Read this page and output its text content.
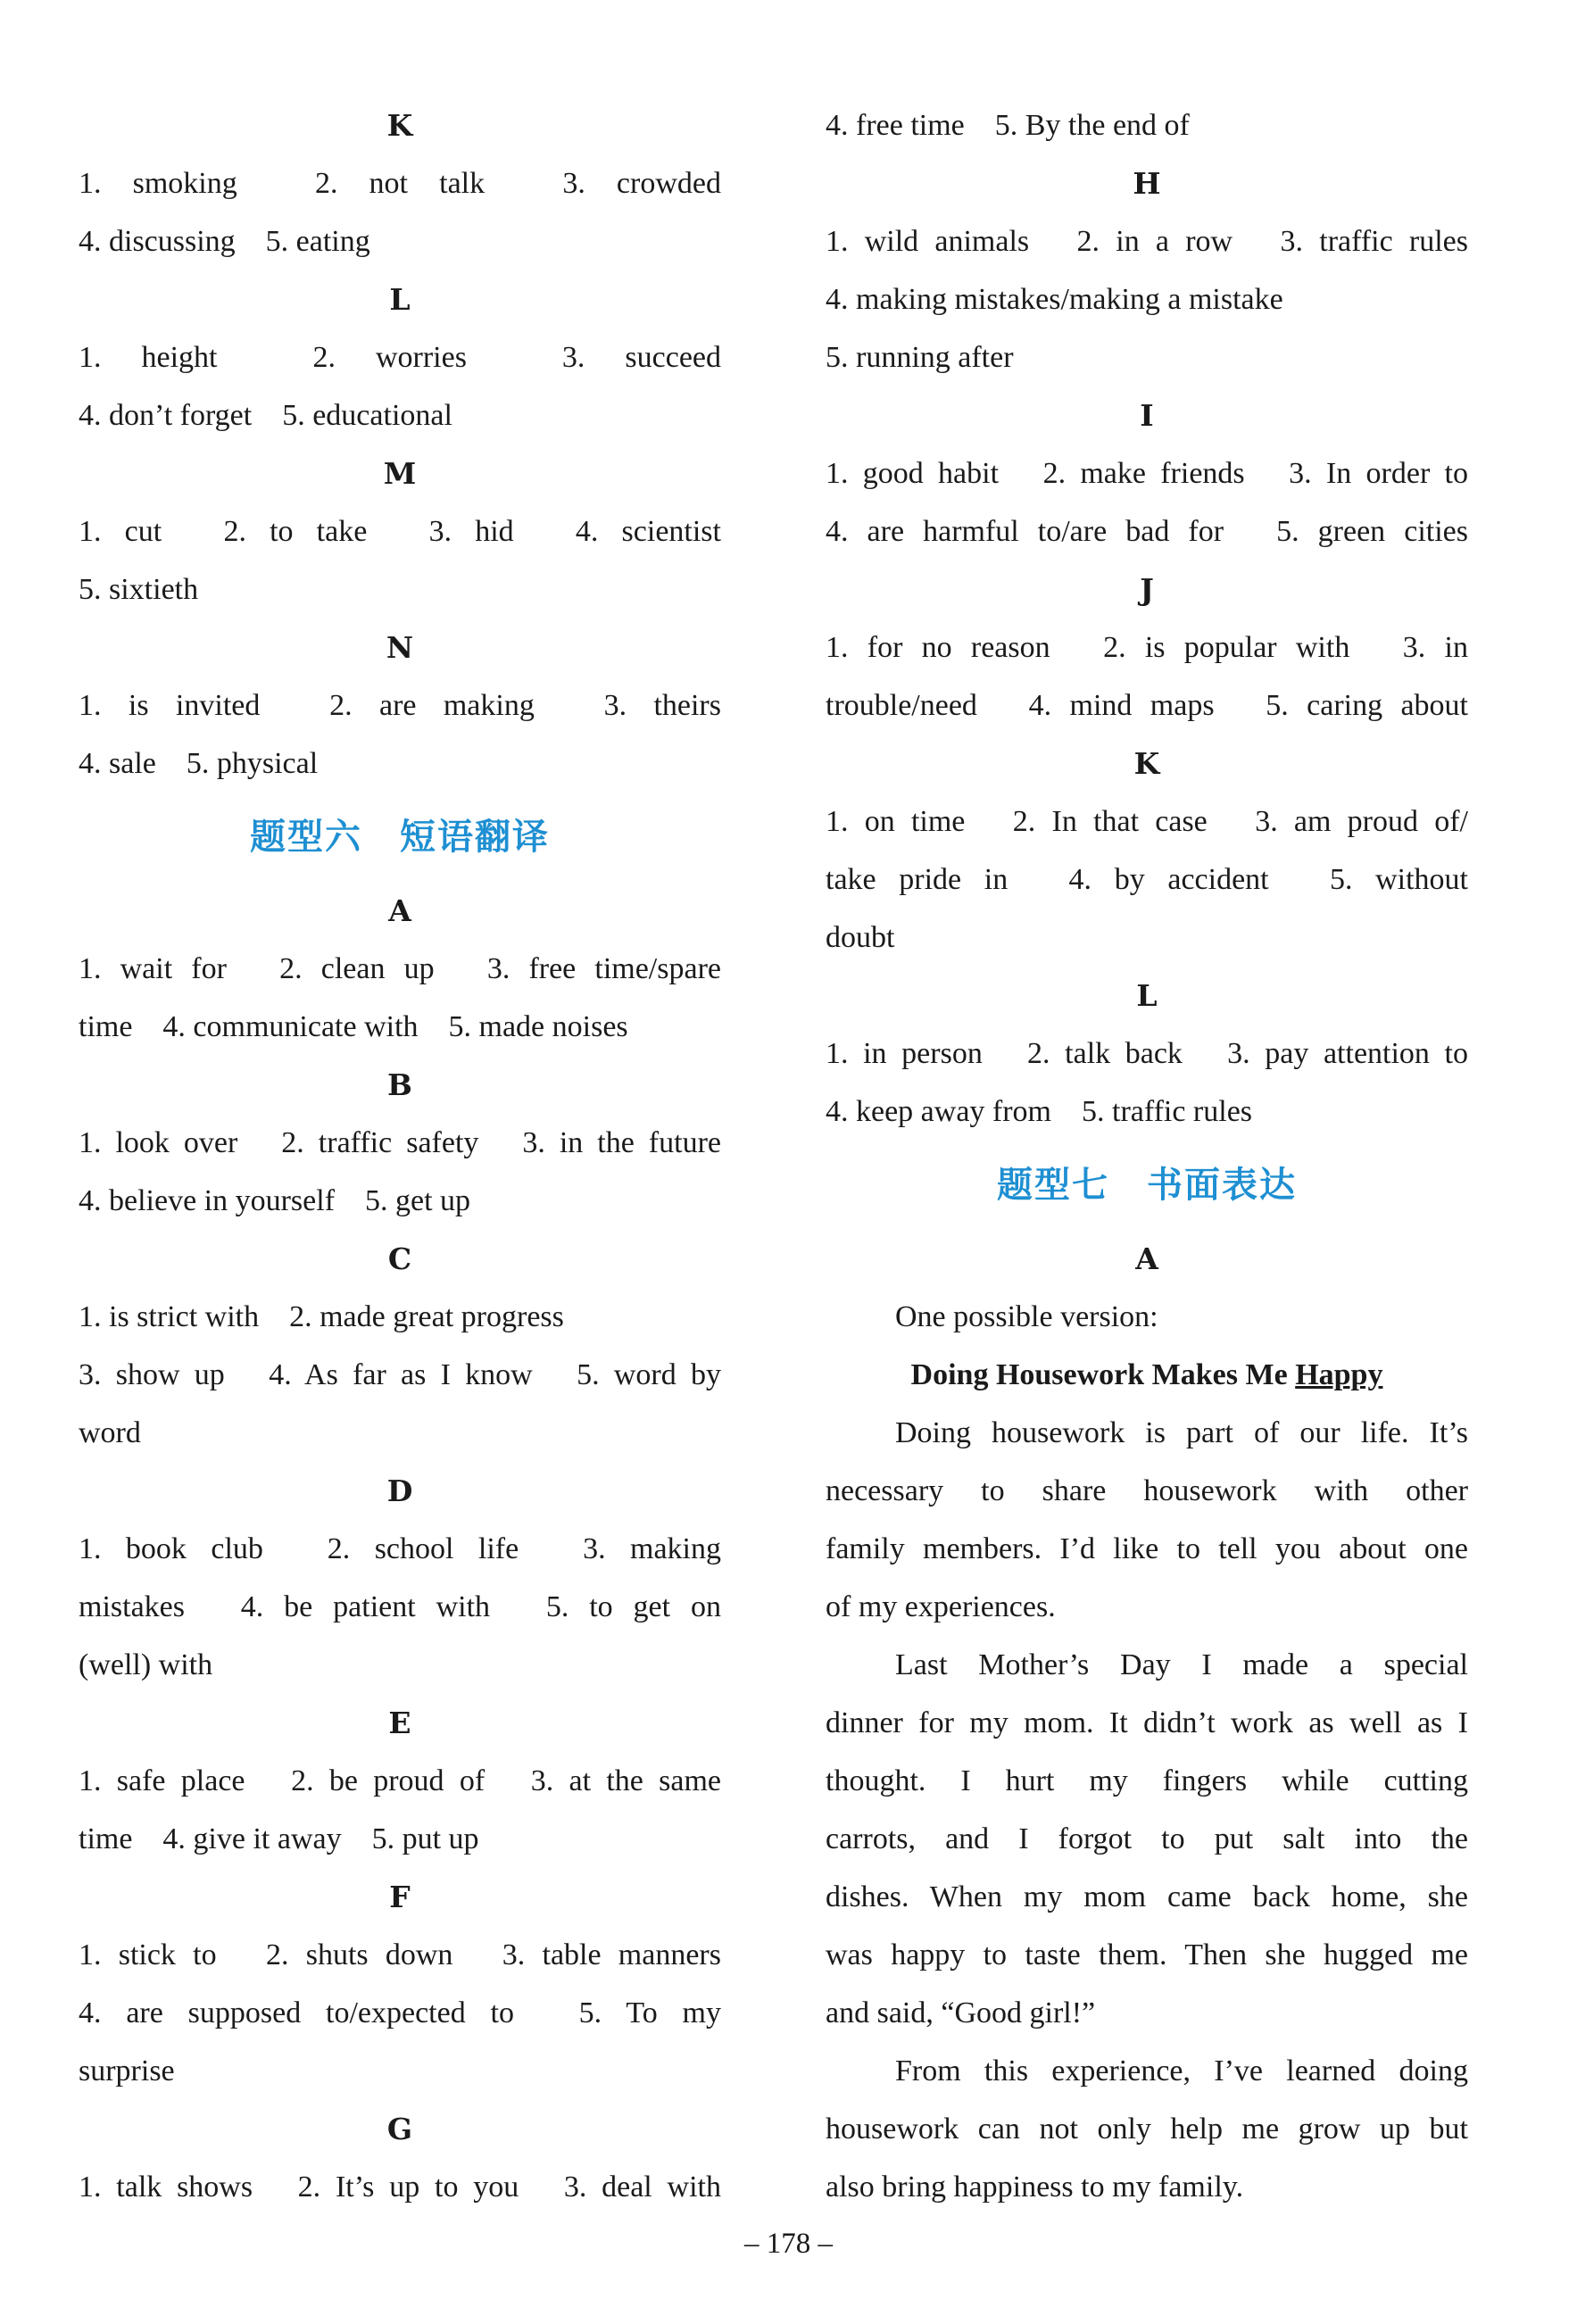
K
1. smoking　2. not talk　3. crowded
4. discussing　5. eating
L
1. height　2. worries　3. succeed
4. don’t forget　5. educational
M
1. cut　2. to take　3. hid　4. scientist
5. sixtieth
N
1. is invited　2. are making　3. theirs
4. sale　5. physical
题型六 短语翻译
A
1. wait for　2. clean up　3. free time/spare
time　4. communicate with　5. made noises
B
1. look over　2. traffic safety　3. in the future
4. believe in yourself　5. get up
C
1. is strict with　2. made great progress
3. show up　4. As far as I know　5. word by
word
D
1. book club　2. school life　3. making
mistakes　4. be patient with　5. to get on
(well) with
E
1. safe place　2. be proud of　3. at the same
time　4. give it away　5. put up
F
1. stick to　2. shuts down　3. table manners
4. are supposed to/expected to　5. To my
surprise
G
1. talk shows　2. It’s up to you　3. deal with
4. free time　5. By the end of
H
1. wild animals　2. in a row　3. traffic rules
4. making mistakes/making a mistake
5. running after
I
1. good habit　2. make friends　3. In order to
4. are harmful to/are bad for　5. green cities
J
1. for no reason　2. is popular with　3. in
trouble/need　4. mind maps　5. caring about
K
1. on time　2. In that case　3. am proud of/
take pride in　4. by accident　5. without
doubt
L
1. in person　2. talk back　3. pay attention to
4. keep away from　5. traffic rules
题型七 书面表达
A
One possible version:
Doing Housework Makes Me Happy
Doing housework is part of our life. It’s
necessary to share housework with other
family members. I’d like to tell you about one
of my experiences.
Last Mother’s Day I made a special
dinner for my mom. It didn’t work as well as I
thought. I hurt my fingers while cutting
carrots, and I forgot to put salt into the
dishes. When my mom came back home, she
was happy to taste them. Then she hugged me
and said, “Good girl!”
From this experience, I’ve learned doing
housework can not only help me grow up but
also bring happiness to my family.
– 178 –
